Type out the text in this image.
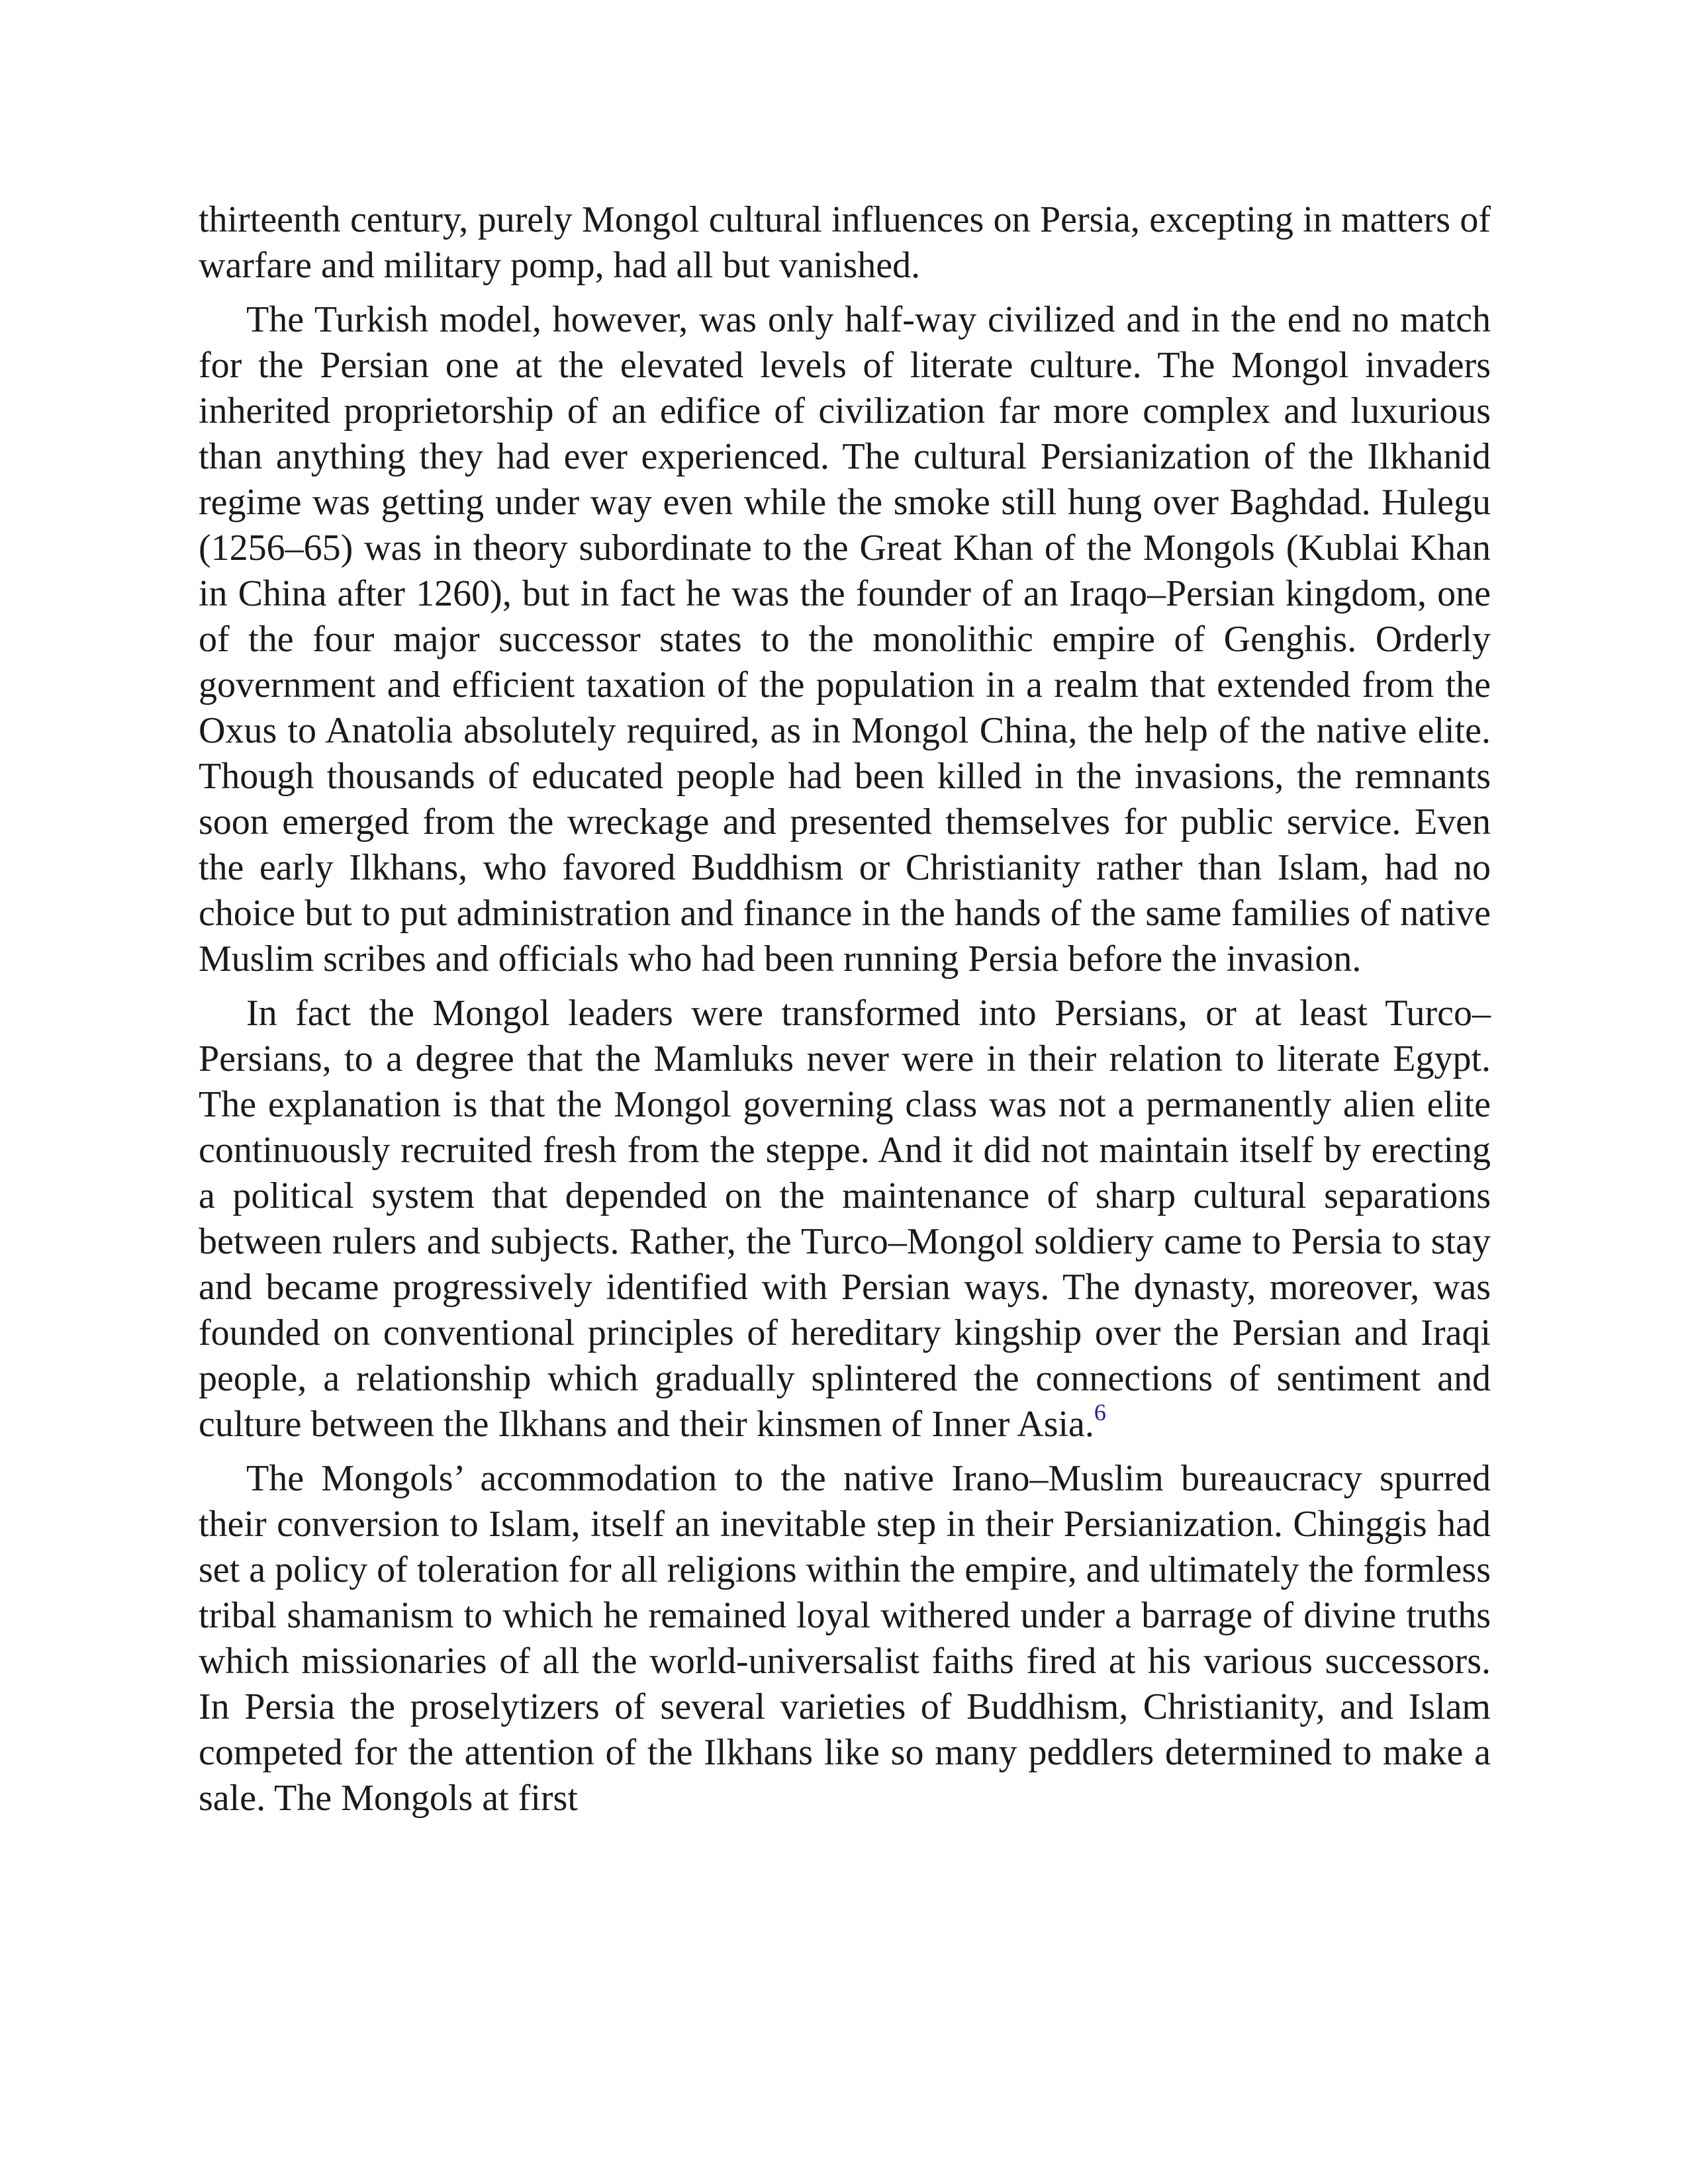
thirteenth century, purely Mongol cultural influences on Persia, excepting in matters of warfare and military pomp, had all but vanished.

The Turkish model, however, was only half-way civilized and in the end no match for the Persian one at the elevated levels of literate culture. The Mongol invaders inherited proprietorship of an edifice of civilization far more complex and luxurious than anything they had ever experienced. The cultural Persianization of the Ilkhanid regime was getting under way even while the smoke still hung over Baghdad. Hulegu (1256–65) was in theory subordinate to the Great Khan of the Mongols (Kublai Khan in China after 1260), but in fact he was the founder of an Iraqo–Persian kingdom, one of the four major successor states to the monolithic empire of Genghis. Orderly government and efficient taxation of the population in a realm that extended from the Oxus to Anatolia absolutely required, as in Mongol China, the help of the native elite. Though thousands of educated people had been killed in the invasions, the remnants soon emerged from the wreckage and presented themselves for public service. Even the early Ilkhans, who favored Buddhism or Christianity rather than Islam, had no choice but to put administration and finance in the hands of the same families of native Muslim scribes and officials who had been running Persia before the invasion.

In fact the Mongol leaders were transformed into Persians, or at least Turco–Persians, to a degree that the Mamluks never were in their relation to literate Egypt. The explanation is that the Mongol governing class was not a permanently alien elite continuously recruited fresh from the steppe. And it did not maintain itself by erecting a political system that depended on the maintenance of sharp cultural separations between rulers and subjects. Rather, the Turco–Mongol soldiery came to Persia to stay and became progressively identified with Persian ways. The dynasty, moreover, was founded on conventional principles of hereditary kingship over the Persian and Iraqi people, a relationship which gradually splintered the connections of sentiment and culture between the Ilkhans and their kinsmen of Inner Asia.$^6$

The Mongols’ accommodation to the native Irano–Muslim bureaucracy spurred their conversion to Islam, itself an inevitable step in their Persianization. Chinggis had set a policy of toleration for all religions within the empire, and ultimately the formless tribal shamanism to which he remained loyal withered under a barrage of divine truths which missionaries of all the world-universalist faiths fired at his various successors. In Persia the proselytizers of several varieties of Buddhism, Christianity, and Islam competed for the attention of the Ilkhans like so many peddlers determined to make a sale. The Mongols at first
